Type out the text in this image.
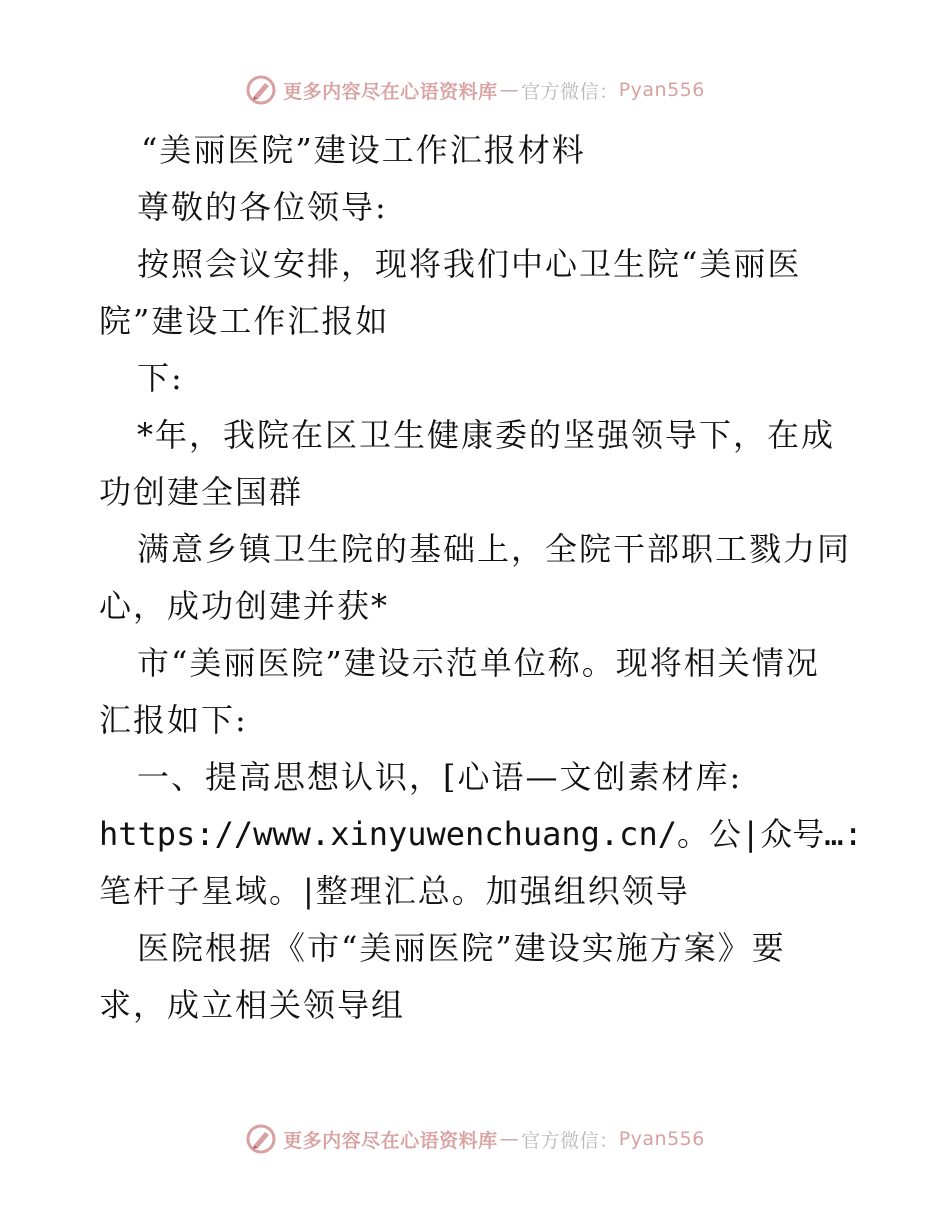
更多内容尽在心语资料库 — 官方微信： Pyan556
“美丽医院”建设工作汇报材料
尊敬的各位领导:
按照会议安排，现将我们中心卫生院“美丽医
院”建设工作汇报如
下:
*年，我院在区卫生健康委的坚强领导下，在成
功创建全国群
满意乡镇卫生院的基础上，全院干部职工戮力同
心，成功创建并获*
市“美丽医院”建设示范单位称。现将相关情况
汇报如下:
一、提高思想认识，[心语—文创素材库:
https://www.xinyuwenchuang.cn/。公|众号…:
笔杆子星域。|整理汇总。加强组织领导
医院根据《市“美丽医院”建设实施方案》要
求，成立相关领导组
更多内容尽在心语资料库 — 官方微信： Pyan556
